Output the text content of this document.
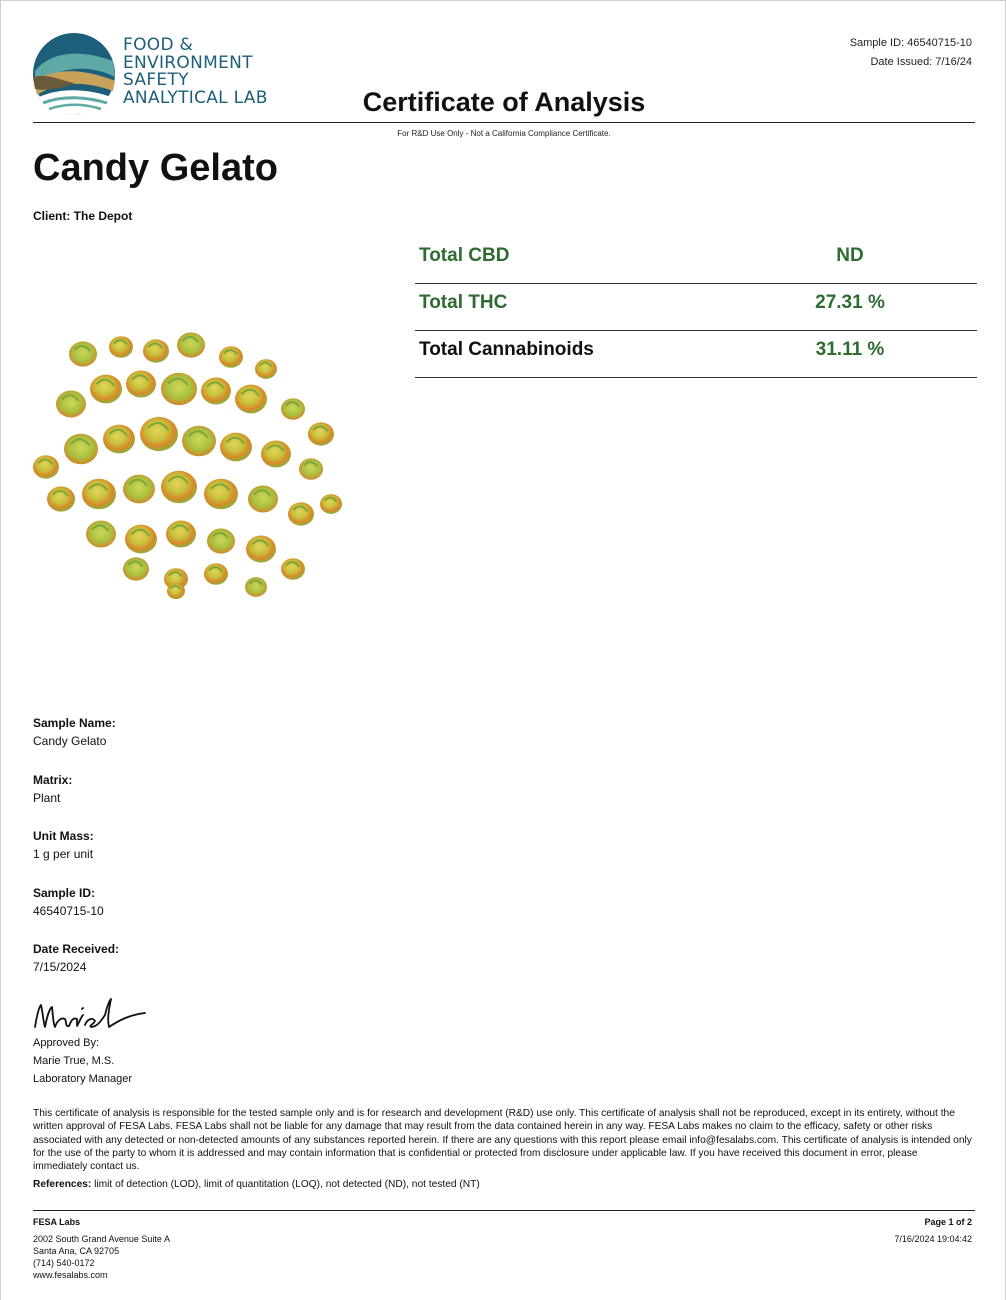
FOOD &
ENVIRONMENT
SAFETY
ANALYTICAL LAB
Sample ID: 46540715-10
Date Issued: 7/16/24
Certificate of Analysis
For R&D Use Only - Not a California Compliance Certificate.
Candy Gelato
Client: The Depot
Total CBD	ND
Total THC	27.31 %
Total Cannabinoids	31.11 %
Sample Name:
Candy Gelato
Matrix:
Plant
Unit Mass:
1 g per unit
Sample ID:
46540715-10
Date Received:
7/15/2024
Approved By:
Marie True, M.S.
Laboratory Manager
This certificate of analysis is responsible for the tested sample only and is for research and development (R&D) use only. This certificate of analysis shall not be reproduced, except in its entirety, without the written approval of FESA Labs. FESA Labs shall not be liable for any damage that may result from the data contained herein in any way. FESA Labs makes no claim to the efficacy, safety or other risks associated with any detected or non-detected amounts of any substances reported herein. If there are any questions with this report please email info@fesalabs.com. This certificate of analysis is intended only for the use of the party to whom it is addressed and may contain information that is confidential or protected from disclosure under applicable law. If you have received this document in error, please immediately contact us.
References: limit of detection (LOD), limit of quantitation (LOQ), not detected (ND), not tested (NT)
FESA Labs
2002 South Grand Avenue Suite A
Santa Ana, CA 92705
(714) 540-0172
www.fesalabs.com
Page 1 of 2
7/16/2024 19:04:42
